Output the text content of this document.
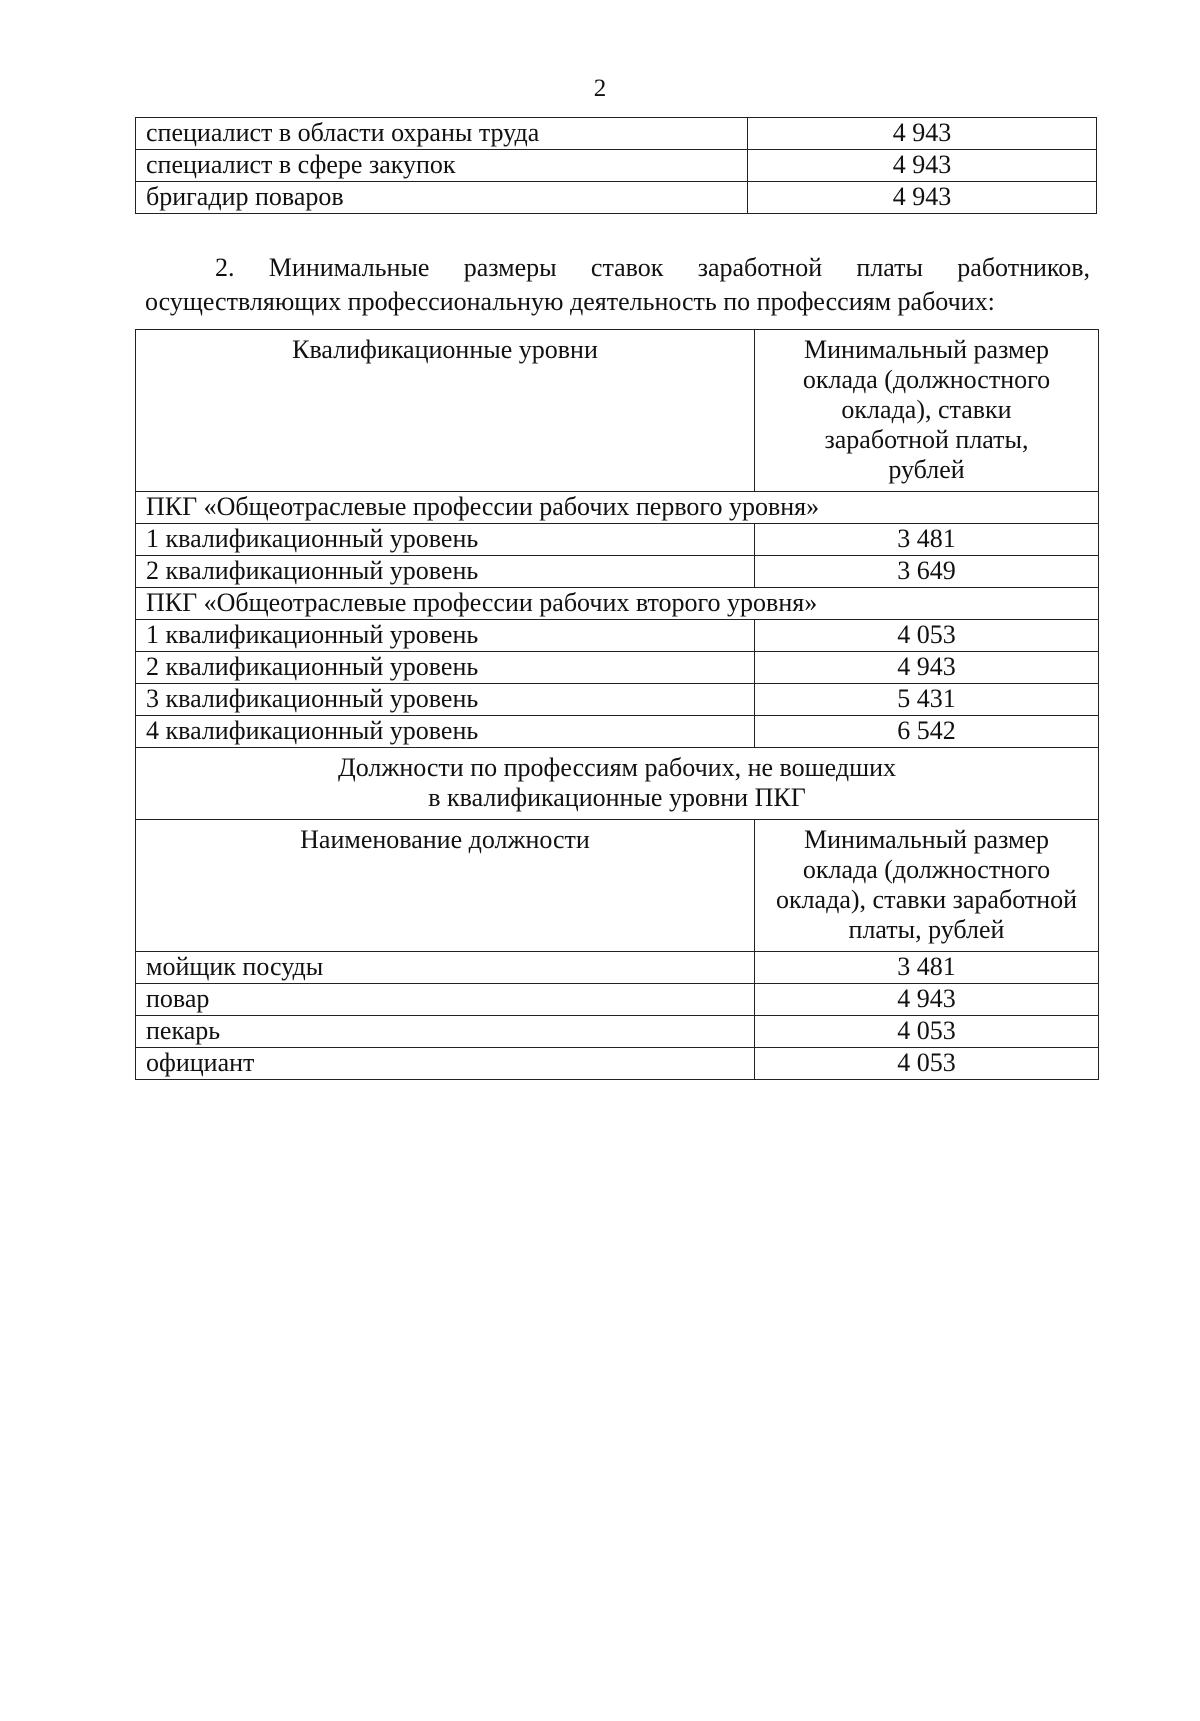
2
специалист в области охраны труда	4 943
специалист в сфере закупок	4 943
бригадир поваров	4 943

2. Минимальные размеры ставок заработной платы работников,
осуществляющих профессиональную деятельность по профессиям рабочих:

Квалификационные уровни	Минимальный размер
оклада (должностного
оклада), ставки
заработной платы,
рублей

ПКГ «Общеотраслевые профессии рабочих первого уровня»	
1 квалификационный уровень	3 481
2 квалификационный уровень	3 649
ПКГ «Общеотраслевые профессии рабочих второго уровня»	
1 квалификационный уровень	4 053
2 квалификационный уровень	4 943
3 квалификационный уровень	5 431
4 квалификационный уровень	6 542

Должности по профессиям рабочих, не вошедших
в квалификационные уровни ПКГ	

Наименование должности	Минимальный размер
оклада (должностного
оклада), ставки заработной
платы, рублей

мойщик посуды	3 481
повар	4 943
пекарь	4 053
официант	4 053
